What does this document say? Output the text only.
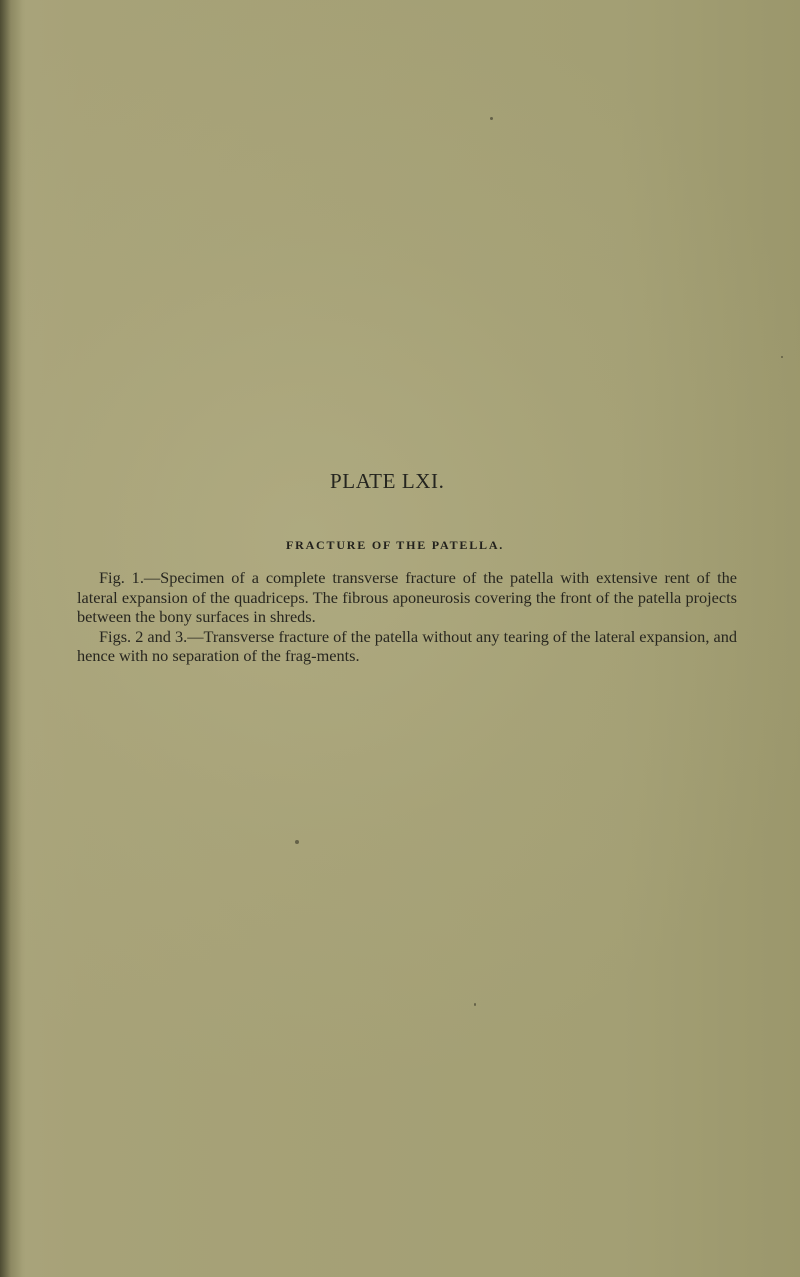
PLATE LXI.
FRACTURE OF THE PATELLA.

Fig. 1.—Specimen of a complete transverse fracture of the patella with extensive rent of the lateral expansion of the quadriceps. The fibrous aponeurosis covering the front of the patella projects between the bony surfaces in shreds.

Figs. 2 and 3.—Transverse fracture of the patella without any tearing of the lateral expansion, and hence with no separation of the frag-ments.
